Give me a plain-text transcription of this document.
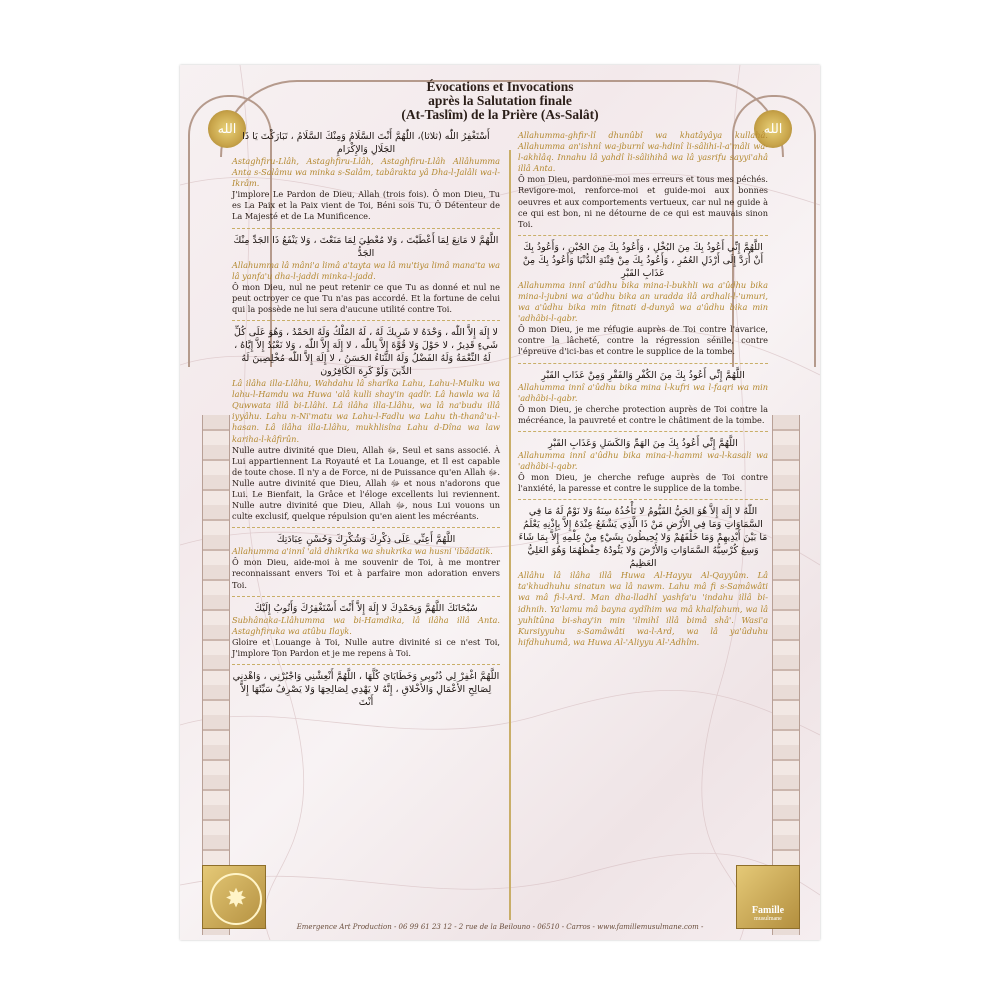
الله	الله
Évocations et Invocations
après la Salutation finale
(At-Taslîm) de la Prière (As-Salât)
أَسْتَغْفِرُ اللّٰه (ثلاثا)، اللّٰهُمَّ أَنْتَ السَّلَامُ وَمِنْكَ السَّلَامُ ، تَبَارَكْتَ يَا ذَا الجَلَالِ وَالإِكْرَامِ
Astaghfiru-Llâh, Astaghfiru-Llâh, Astaghfiru-Llâh Allâhumma Anta s-Salâmu wa minka s-Salâm, tabârakta yâ Dha-l-Jalâli wa-l-Ikrâm.
J'implore Le Pardon de Dieu, Allah (trois fois). Ô mon Dieu, Tu es La Paix et la Paix vient de Toi, Béni sois Tu, Ô Détenteur de La Majesté et de La Munificence.
اللَّهُمَّ لا مَانِعَ لِمَا أَعْطَيْتَ ، وَلا مُعْطِيَ لِمَا مَنَعْتَ ، وَلا يَنْفَعُ ذَا الجَدِّ مِنْكَ الجَدُّ
Allahumma lâ mâni'a limâ a'tayta wa lâ mu'tiya limâ mana'ta wa lâ yanfa'u dha-l-jaddi minka-l-jadd.
Ô mon Dieu, nul ne peut retenir ce que Tu as donné et nul ne peut octroyer ce que Tu n'as pas accordé. Et la fortune de celui qui la possède ne lui sera d'aucune utilité contre Toi.
لا إِلَهَ إِلاَّ اللّٰه ، وَحْدَهُ لا شَرِيكَ لَهُ ، لَهُ المُلْكُ وَلَهُ الحَمْدُ ، وَهُوَ عَلَى كُلِّ شَيءٍ قَدِيرٌ ، لا حَوْلَ وَلا قُوَّةَ إِلاَّ بِاللّٰه ، لا إِلَهَ إِلاَّ اللّٰه ، وَلا نَعْبُدُ إِلاَّ إِيَّاهُ ، لَهُ النِّعْمَةُ وَلَهُ الفَضْلُ وَلَهُ الثَّنَاءُ الحَسَنُ ، لا إِلَهَ إِلاَّ اللّٰه مُخْلِصِينَ لَهُ الدِّينَ وَلَوْ كَرِهَ الكَافِرُون
Lâ ilâha illa-Llâhu, Wahdahu lâ sharîka Lahu, Lahu-l-Mulku wa lahu-l-Hamdu wa Huwa 'alâ kulli shay'in qadîr. Lâ hawla wa lâ Quwwata illâ bi-Llâhi. Lâ ilâha illa-Llâhu, wa lâ na'budu illâ iyyâhu. Lahu n-Ni'matu wa Lahu-l-Fadlu wa Lahu th-thanâ'u-l-hasan. Lâ ilâha illa-Llâhu, mukhlisîna Lahu d-Dîna wa law kariha-l-kâfirûn.
Nulle autre divinité que Dieu, Allah ﷻ, Seul et sans associé. À Lui appartiennent La Royauté et La Louange, et Il est capable de toute chose. Il n'y a de Force, ni de Puissance qu'en Allah ﷻ. Nulle autre divinité que Dieu, Allah ﷻ et nous n'adorons que Lui. Le Bienfait, la Grâce et l'éloge excellents lui reviennent. Nulle autre divinité que Dieu, Allah ﷻ, nous Lui vouons un culte exclusif, quelque répulsion qu'en aient les mécréants.
اللَّهُمَّ أَعِنِّي عَلَى ذِكْرِكَ وَشُكْرِكَ وَحُسْنِ عِبَادَتِكَ
Allahumma a'innî 'alâ dhikrika wa shukrika wa husni 'ibâdatik.
Ô mon Dieu, aide-moi à me souvenir de Toi, à me montrer reconnaissant envers Toi et à parfaire mon adoration envers Toi.
سُبْحَانَكَ اللَّهُمَّ وَبِحَمْدِكَ لا إِلَهَ إِلاَّ أَنْتَ أَسْتَغْفِرُكَ وَأَتُوبُ إِلَيْكَ
Subhânaka-Llâhumma wa bi-Hamdika, lâ ilâha illâ Anta. Astaghfiruka wa atûbu Ilayk.
Gloire et Louange à Toi, Nulle autre divinité si ce n'est Toi, J'implore Ton Pardon et je me repens à Toi.
اللَّهُمَّ اغْفِرْ لِي ذُنُوبِي وَخَطَايَايَ كُلَّهَا ، اللَّهُمَّ أَنْعِشْنِي وَاجْبُرْنِي ، وَاهْدِنِي لِصَالِحِ الأَعْمَالِ وَالأَخْلاقِ ، إِنَّهُ لا يَهْدِي لِصَالِحِهَا وَلا يَصْرِفُ سَيِّئَهَا إِلاَّ أَنْتَ
Allahumma-ghfir-lî dhunûbî wa khatâyâya kullahâ. Allahumma an'ishnî wa-jburnî wa-hdinî li-sâlihi-l-a'mâli wa-l-akhlâq. Innahu lâ yahdî li-sâlihihâ wa lâ yasrifu sayyi'ahâ illâ Anta.
Ô mon Dieu, pardonne-moi mes erreurs et tous mes péchés. Revigore-moi, renforce-moi et guide-moi aux bonnes oeuvres et aux comportements vertueux, car nul ne guide à ce qui est bon, ni ne détourne de ce qui est mauvais sinon Toi.
اللَّهُمَّ إِنِّي أَعُوذُ بِكَ مِنَ البُخْلِ ، وَأَعُوذُ بِكَ مِنَ الجُبْنِ ، وَأَعُوذُ بِكَ أَنْ أُرَدَّ إِلَى أَرْذَلِ العُمُرِ ، وَأَعُوذُ بِكَ مِنْ فِتْنَةِ الدُّنْيَا وَأَعُوذُ بِكَ مِنْ عَذَابِ القَبْرِ
Allahumma innî a'ûdhu bika mina-l-bukhli wa a'ûdhu bika mina-l-jubni wa a'ûdhu bika an uradda ilâ ardhali-l-'umuri, wa a'ûdhu bika min fitnati d-dunyâ wa a'ûdhu bika min 'adhâbi-l-qabr.
Ô mon Dieu, je me réfugie auprès de Toi contre l'avarice, contre la lâcheté, contre la régression sénile, contre l'épreuve d'ici-bas et contre le supplice de la tombe.
اللَّهُمَّ إِنِّي أَعُوذُ بِكَ مِنَ الكُفْرِ وَالفَقْرِ وَمِنْ عَذَابِ القَبْرِ
Allahumma innî a'ûdhu bika mina l-kufri wa l-faqri wa min 'adhâbi-l-qabr.
Ô mon Dieu, je cherche protection auprès de Toi contre la mécréance, la pauvreté et contre le châtiment de la tombe.
اللَّهُمَّ إِنِّي أَعُوذُ بِكَ مِنَ الهَمِّ وَالكَسَلِ وَعَذَابِ القَبْرِ
Allahumma innî a'ûdhu bika mina-l-hammi wa-l-kasali wa 'adhâbi-l-qabr.
Ô mon Dieu, je cherche refuge auprès de Toi contre l'anxiété, la paresse et contre le supplice de la tombe.
اللّٰهُ لا إِلَهَ إِلاَّ هُوَ الحَيُّ القَيُّومُ لا تَأْخُذُهُ سِنَةٌ وَلا نَوْمٌ لَهُ مَا فِي السَّمَاوَاتِ وَمَا فِي الأَرْضِ مَنْ ذَا الَّذِي يَشْفَعُ عِنْدَهُ إِلاَّ بِإِذْنِهِ يَعْلَمُ مَا بَيْنَ أَيْدِيهِمْ وَمَا خَلْفَهُمْ وَلا يُحِيطُونَ بِشَيْءٍ مِنْ عِلْمِهِ إِلاَّ بِمَا شَاءَ وَسِعَ كُرْسِيُّهُ السَّمَاوَاتِ وَالأَرْضَ وَلا يَئُودُهُ حِفْظُهُمَا وَهُوَ العَلِيُّ العَظِيمُ
Allâhu lâ ilâha illâ Huwa Al-Hayyu Al-Qayyûm. Lâ ta'khudhuhu sinatun wa lâ nawm. Lahu mâ fi s-Samâwâti wa mâ fi-l-Ard. Man dha-lladhî yashfa'u 'indahu illâ bi-idhnih. Ya'lamu mâ bayna aydîhim wa mâ khalfahum, wa lâ yuhîtûna bi-shay'in min 'ilmihî illâ bimâ shâ'. Wasi'a Kursiyyuhu s-Samâwâti wa-l-Ard, wa lâ ya'ûduhu hifdhuhumâ, wa Huwa Al-'Aliyyu Al-'Adhîm.
✸	Famille
musulmane
Emergence Art Production - 06 99 61 23 12 - 2 rue de la Beilouno - 06510 - Carros - www.famillemusulmane.com -
